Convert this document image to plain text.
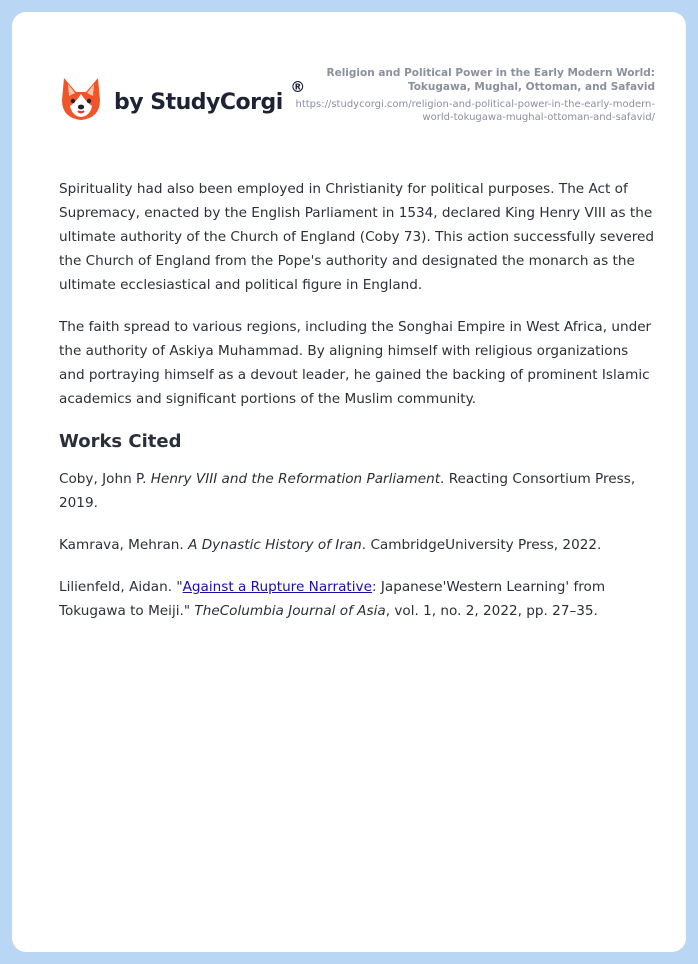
by StudyCorgi
®
Religion and Political Power in the Early Modern World: Tokugawa, Mughal, Ottoman, and Safavid
https://studycorgi.com/religion-and-political-power-in-the-early-modern-world-tokugawa-mughal-ottoman-and-safavid/

Spirituality had also been employed in Christianity for political purposes. The Act of Supremacy, enacted by the English Parliament in 1534, declared King Henry VIII as the ultimate authority of the Church of England (Coby 73). This action successfully severed the Church of England from the Pope's authority and designated the monarch as the ultimate ecclesiastical and political figure in England.

The faith spread to various regions, including the Songhai Empire in West Africa, under the authority of Askiya Muhammad. By aligning himself with religious organizations and portraying himself as a devout leader, he gained the backing of prominent Islamic academics and significant portions of the Muslim community.

Works Cited

Coby, John P. Henry VIII and the Reformation Parliament. Reacting Consortium Press, 2019.

Kamrava, Mehran. A Dynastic History of Iran. CambridgeUniversity Press, 2022.

Lilienfeld, Aidan. "Against a Rupture Narrative: Japanese'Western Learning' from Tokugawa to Meiji." TheColumbia Journal of Asia, vol. 1, no. 2, 2022, pp. 27–35.
